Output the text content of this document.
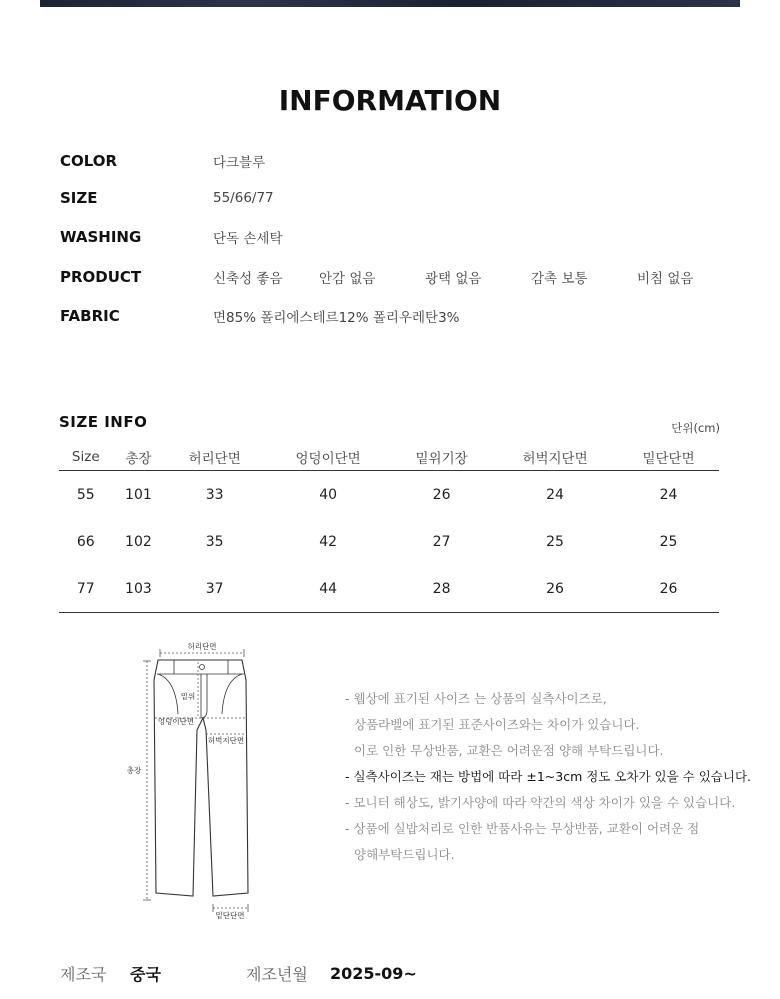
INFORMATION
COLOR	다크블루
SIZE	55/66/77
WASHING	단독 손세탁
PRODUCT	신축성 좋음	안감 없음	광택 없음	감촉 보통	비침 없음
FABRIC	면85% 폴리에스테르12% 폴리우레탄3%
SIZE INFO	단위(cm)
Size	총장	허리단면	엉덩이단면	밑위기장	허벅지단면	밑단단면
55	101	33	40	26	24	24
66	102	35	42	27	25	25
77	103	37	44	28	26	26
허리단면
총장
밑위
엉덩이단면
허벅지단면
밑단단면
- 웹상에 표기된 사이즈 는 상품의 실측사이즈로,
상품라벨에 표기된 표준사이즈와는 차이가 있습니다.
이로 인한 무상반품, 교환은 어려운점 양해 부탁드립니다.
- 실측사이즈는 재는 방법에 따라 ±1~3cm 정도 오차가 있을 수 있습니다.
- 모니터 해상도, 밝기사양에 따라 약간의 색상 차이가 있을 수 있습니다.
- 상품에 실밥처리로 인한 반품사유는 무상반품, 교환이 어려운 점
양해부탁드립니다.
제조국	중국	제조년월	2025-09~
